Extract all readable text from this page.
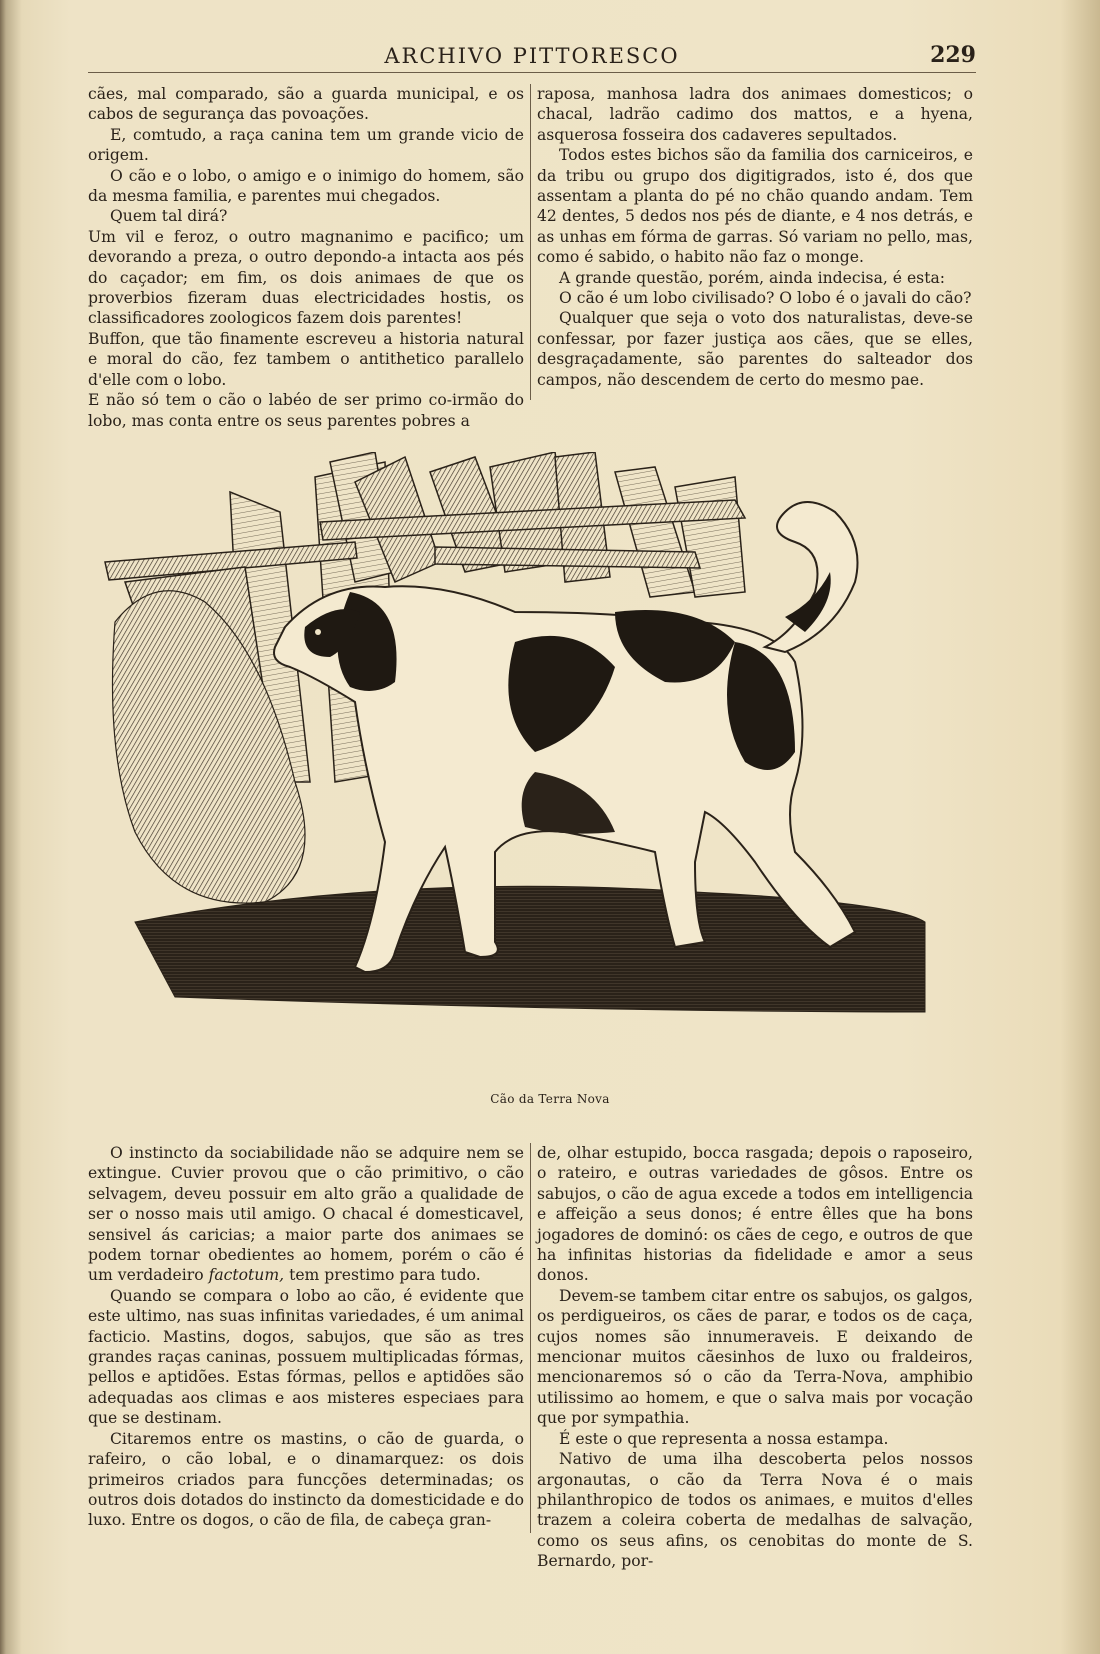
ARCHIVO PITTORESCO	229

cães, mal comparado, são a guarda municipal, e os cabos de segurança das povoações.

E, comtudo, a raça canina tem um grande vicio de origem.

O cão e o lobo, o amigo e o inimigo do homem, são da mesma familia, e parentes mui chegados.

Quem tal dirá?

Um vil e feroz, o outro magnanimo e pacifico; um devorando a preza, o outro depondo-a intacta aos pés do caçador; em fim, os dois animaes de que os proverbios fizeram duas electricidades hostis, os classificadores zoologicos fazem dois parentes!

Buffon, que tão finamente escreveu a historia natural e moral do cão, fez tambem o antithetico parallelo d'elle com o lobo.

E não só tem o cão o labéo de ser primo co-irmão do lobo, mas conta entre os seus parentes pobres a

raposa, manhosa ladra dos animaes domesticos; o chacal, ladrão cadimo dos mattos, e a hyena, asquerosa fosseira dos cadaveres sepultados.

Todos estes bichos são da familia dos carniceiros, e da tribu ou grupo dos digitigrados, isto é, dos que assentam a planta do pé no chão quando andam. Tem 42 dentes, 5 dedos nos pés de diante, e 4 nos detrás, e as unhas em fórma de garras. Só variam no pello, mas, como é sabido, o habito não faz o monge.

A grande questão, porém, ainda indecisa, é esta:

O cão é um lobo civilisado? O lobo é o javali do cão?

Qualquer que seja o voto dos naturalistas, deve-se confessar, por fazer justiça aos cães, que se elles, desgraçadamente, são parentes do salteador dos campos, não descendem de certo do mesmo pae.

Cão da Terra Nova

O instincto da sociabilidade não se adquire nem se extingue. Cuvier provou que o cão primitivo, o cão selvagem, deveu possuir em alto grão a qualidade de ser o nosso mais util amigo. O chacal é domesticavel, sensivel ás caricias; a maior parte dos animaes se podem tornar obedientes ao homem, porém o cão é um verdadeiro factotum, tem prestimo para tudo.

Quando se compara o lobo ao cão, é evidente que este ultimo, nas suas infinitas variedades, é um animal facticio. Mastins, dogos, sabujos, que são as tres grandes raças caninas, possuem multiplicadas fórmas, pellos e aptidões. Estas fórmas, pellos e aptidões são adequadas aos climas e aos misteres especiaes para que se destinam.

Citaremos entre os mastins, o cão de guarda, o rafeiro, o cão lobal, e o dinamarquez: os dois primeiros criados para funcções determinadas; os outros dois dotados do instincto da domesticidade e do luxo. Entre os dogos, o cão de fila, de cabeça gran-

de, olhar estupido, bocca rasgada; depois o raposeiro, o rateiro, e outras variedades de gôsos. Entre os sabujos, o cão de agua excede a todos em intelligencia e affeição a seus donos; é entre êlles que ha bons jogadores de dominó: os cães de cego, e outros de que ha infinitas historias da fidelidade e amor a seus donos.

Devem-se tambem citar entre os sabujos, os galgos, os perdigueiros, os cães de parar, e todos os de caça, cujos nomes são innumeraveis. E deixando de mencionar muitos cãesinhos de luxo ou fraldeiros, mencionaremos só o cão da Terra-Nova, amphibio utilissimo ao homem, e que o salva mais por vocação que por sympathia.

É este o que representa a nossa estampa.

Nativo de uma ilha descoberta pelos nossos argonautas, o cão da Terra Nova é o mais philanthropico de todos os animaes, e muitos d'elles trazem a coleira coberta de medalhas de salvação, como os seus afins, os cenobitas do monte de S. Bernardo, por-
